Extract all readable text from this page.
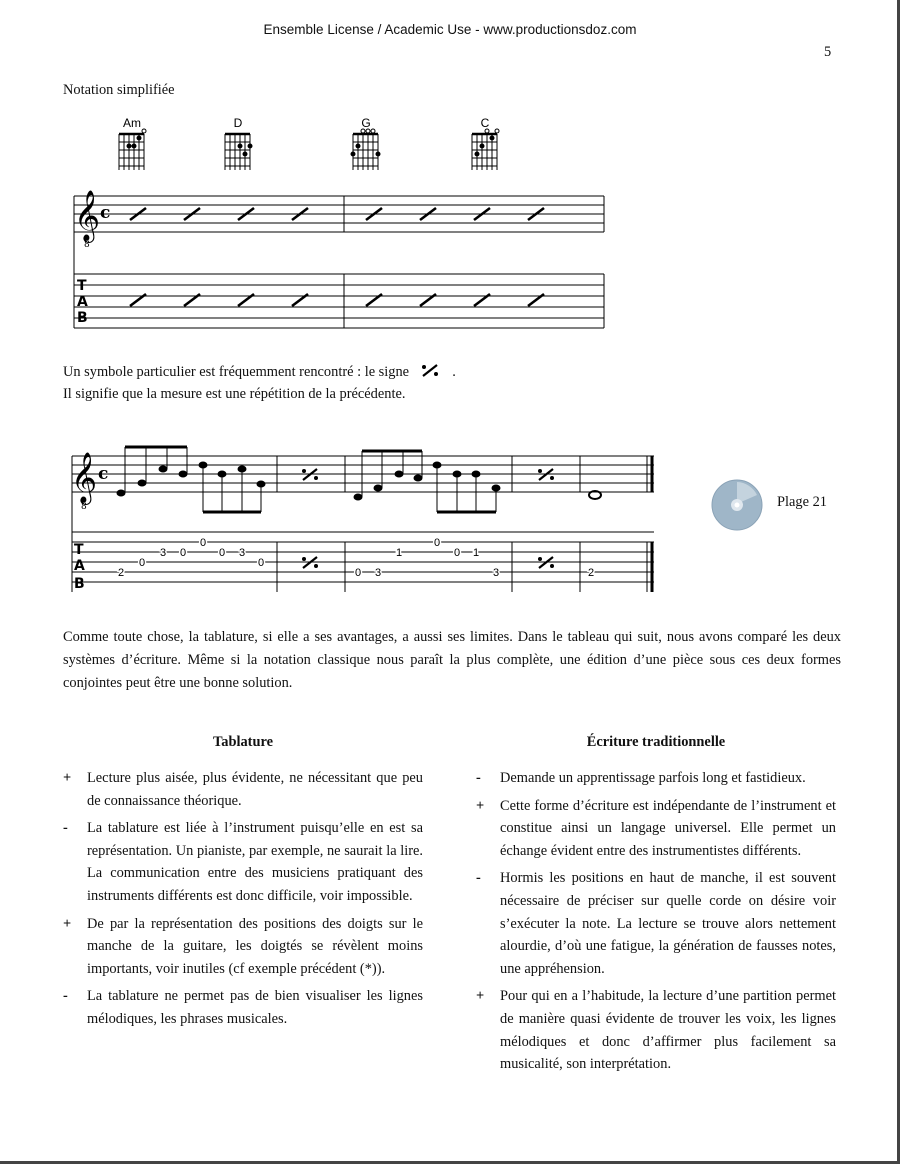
Ensemble License / Academic Use - www.productionsdoz.com
5
Notation simplifiée
Am	D	G	C
𝄞
8
c
T
A
B
Un symbole particulier est fréquemment rencontré : le signe	.
Il signifie que la mesure est une répétition de la précédente.
𝄞
8
c
T
A
B
2
0
3 0
0
0 3
0
0 3
1
0
0 1
3	2
Plage 21
Comme toute chose, la tablature, si elle a ses avantages, a aussi ses limites. Dans le tableau qui suit, nous avons comparé les deux systèmes d’écriture. Même si la notation classique nous paraît la plus complète, une édition d’une pièce sous ces deux formes conjointes peut être une bonne solution.
Tablature	Écriture traditionnelle
+	Lecture plus aisée, plus évidente, ne nécessitant que peu de connaissance théorique.
-	La tablature est liée à l’instrument puisqu’elle en est sa représentation. Un pianiste, par exemple, ne saurait la lire. La communication entre des musiciens pratiquant des instruments différents est donc difficile, voir impossible.
+	De par la représentation des positions des doigts sur le manche de la guitare, les doigtés se révèlent moins importants, voir inutiles (cf exemple précédent (*)).
-	La tablature ne permet pas de bien visualiser les lignes mélodiques, les phrases musicales.
-	Demande un apprentissage parfois long et fastidieux.
+	Cette forme d’écriture est indépendante de l’instrument et constitue ainsi un langage universel. Elle permet un échange évident entre des instrumentistes différents.
-	Hormis les positions en haut de manche, il est souvent nécessaire de préciser sur quelle corde on désire voir s’exécuter la note. La lecture se trouve alors nettement alourdie, d’où une fatigue, la génération de fausses notes, une appréhension.
+	Pour qui en a l’habitude, la lecture d’une partition permet de manière quasi évidente de trouver les voix, les lignes mélodiques et donc d’affirmer plus facilement sa musicalité, son interprétation.
